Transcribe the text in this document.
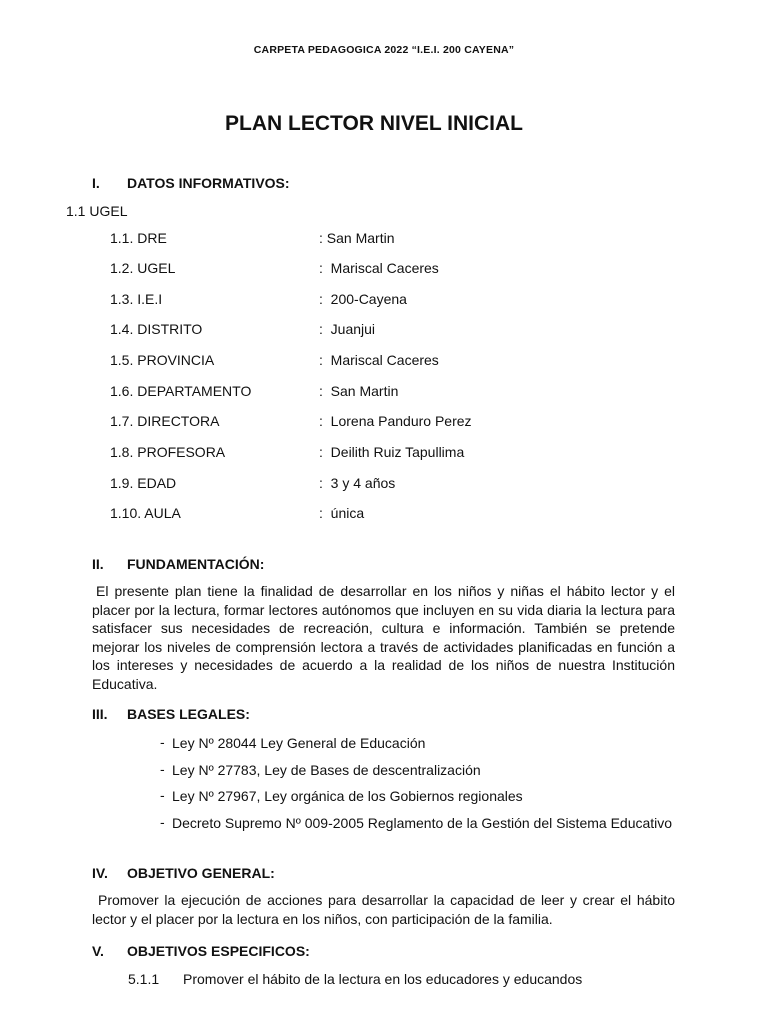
CARPETA PEDAGOGICA 2022 “I.E.I. 200 CAYENA”

PLAN LECTOR NIVEL INICIAL

I. DATOS INFORMATIVOS:

1.1 UGEL

1.1. DRE	: San Martin

1.2. UGEL	:  Mariscal Caceres

1.3. I.E.I	:  200-Cayena

1.4. DISTRITO	:  Juanjui

1.5. PROVINCIA	:  Mariscal Caceres

1.6. DEPARTAMENTO	:  San Martin

1.7. DIRECTORA	:  Lorena Panduro Perez

1.8. PROFESORA	:  Deilith Ruiz Tapullima

1.9. EDAD	:  3 y 4 años

1.10. AULA	:  única

II. FUNDAMENTACIÓN:

El presente plan tiene la finalidad de desarrollar en los niños y niñas el hábito lector y el placer por la lectura, formar lectores autónomos que incluyen en su vida diaria la lectura para satisfacer sus necesidades de recreación, cultura e información. También se pretende mejorar los niveles de comprensión lectora a través de actividades planificadas en función a los intereses y necesidades de acuerdo a la realidad de los niños de nuestra Institución Educativa.

III. BASES LEGALES:

- Ley Nº 28044 Ley General de Educación

- Ley Nº 27783, Ley de Bases de descentralización

- Ley Nº 27967, Ley orgánica de los Gobiernos regionales

- Decreto Supremo Nº 009-2005 Reglamento de la Gestión del Sistema Educativo

IV. OBJETIVO GENERAL:

Promover la ejecución de acciones para desarrollar la capacidad de leer y crear el hábito lector y el placer por la lectura en los niños, con participación de la familia.

V. OBJETIVOS ESPECIFICOS:

5.1.1 Promover el hábito de la lectura en los educadores y educandos
